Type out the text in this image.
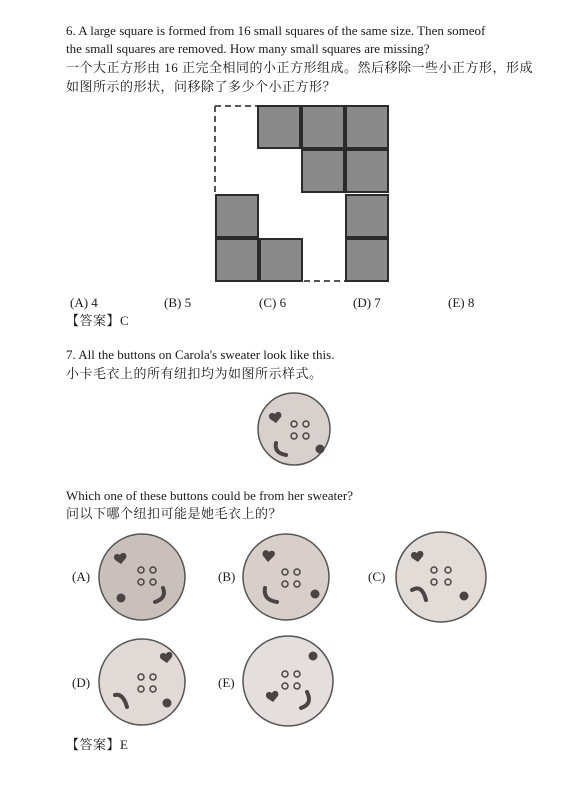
6. A large square is formed from 16 small squares of the same size. Then someof
the small squares are removed. How many small squares are missing?
一个大正方形由 16 正完全相同的小正方形组成。然后移除一些小正方形，形成
如图所示的形状，问移除了多少个小正方形？
(A) 4	(B) 5	(C) 6	(D) 7	(E) 8
【答案】C
7. All the buttons on Carola's sweater look like this.
小卡毛衣上的所有纽扣均为如图所示样式。
Which one of these buttons could be from her sweater?
问以下哪个纽扣可能是她毛衣上的？
(A)	(B)	(C)
(D)	(E)
【答案】E
